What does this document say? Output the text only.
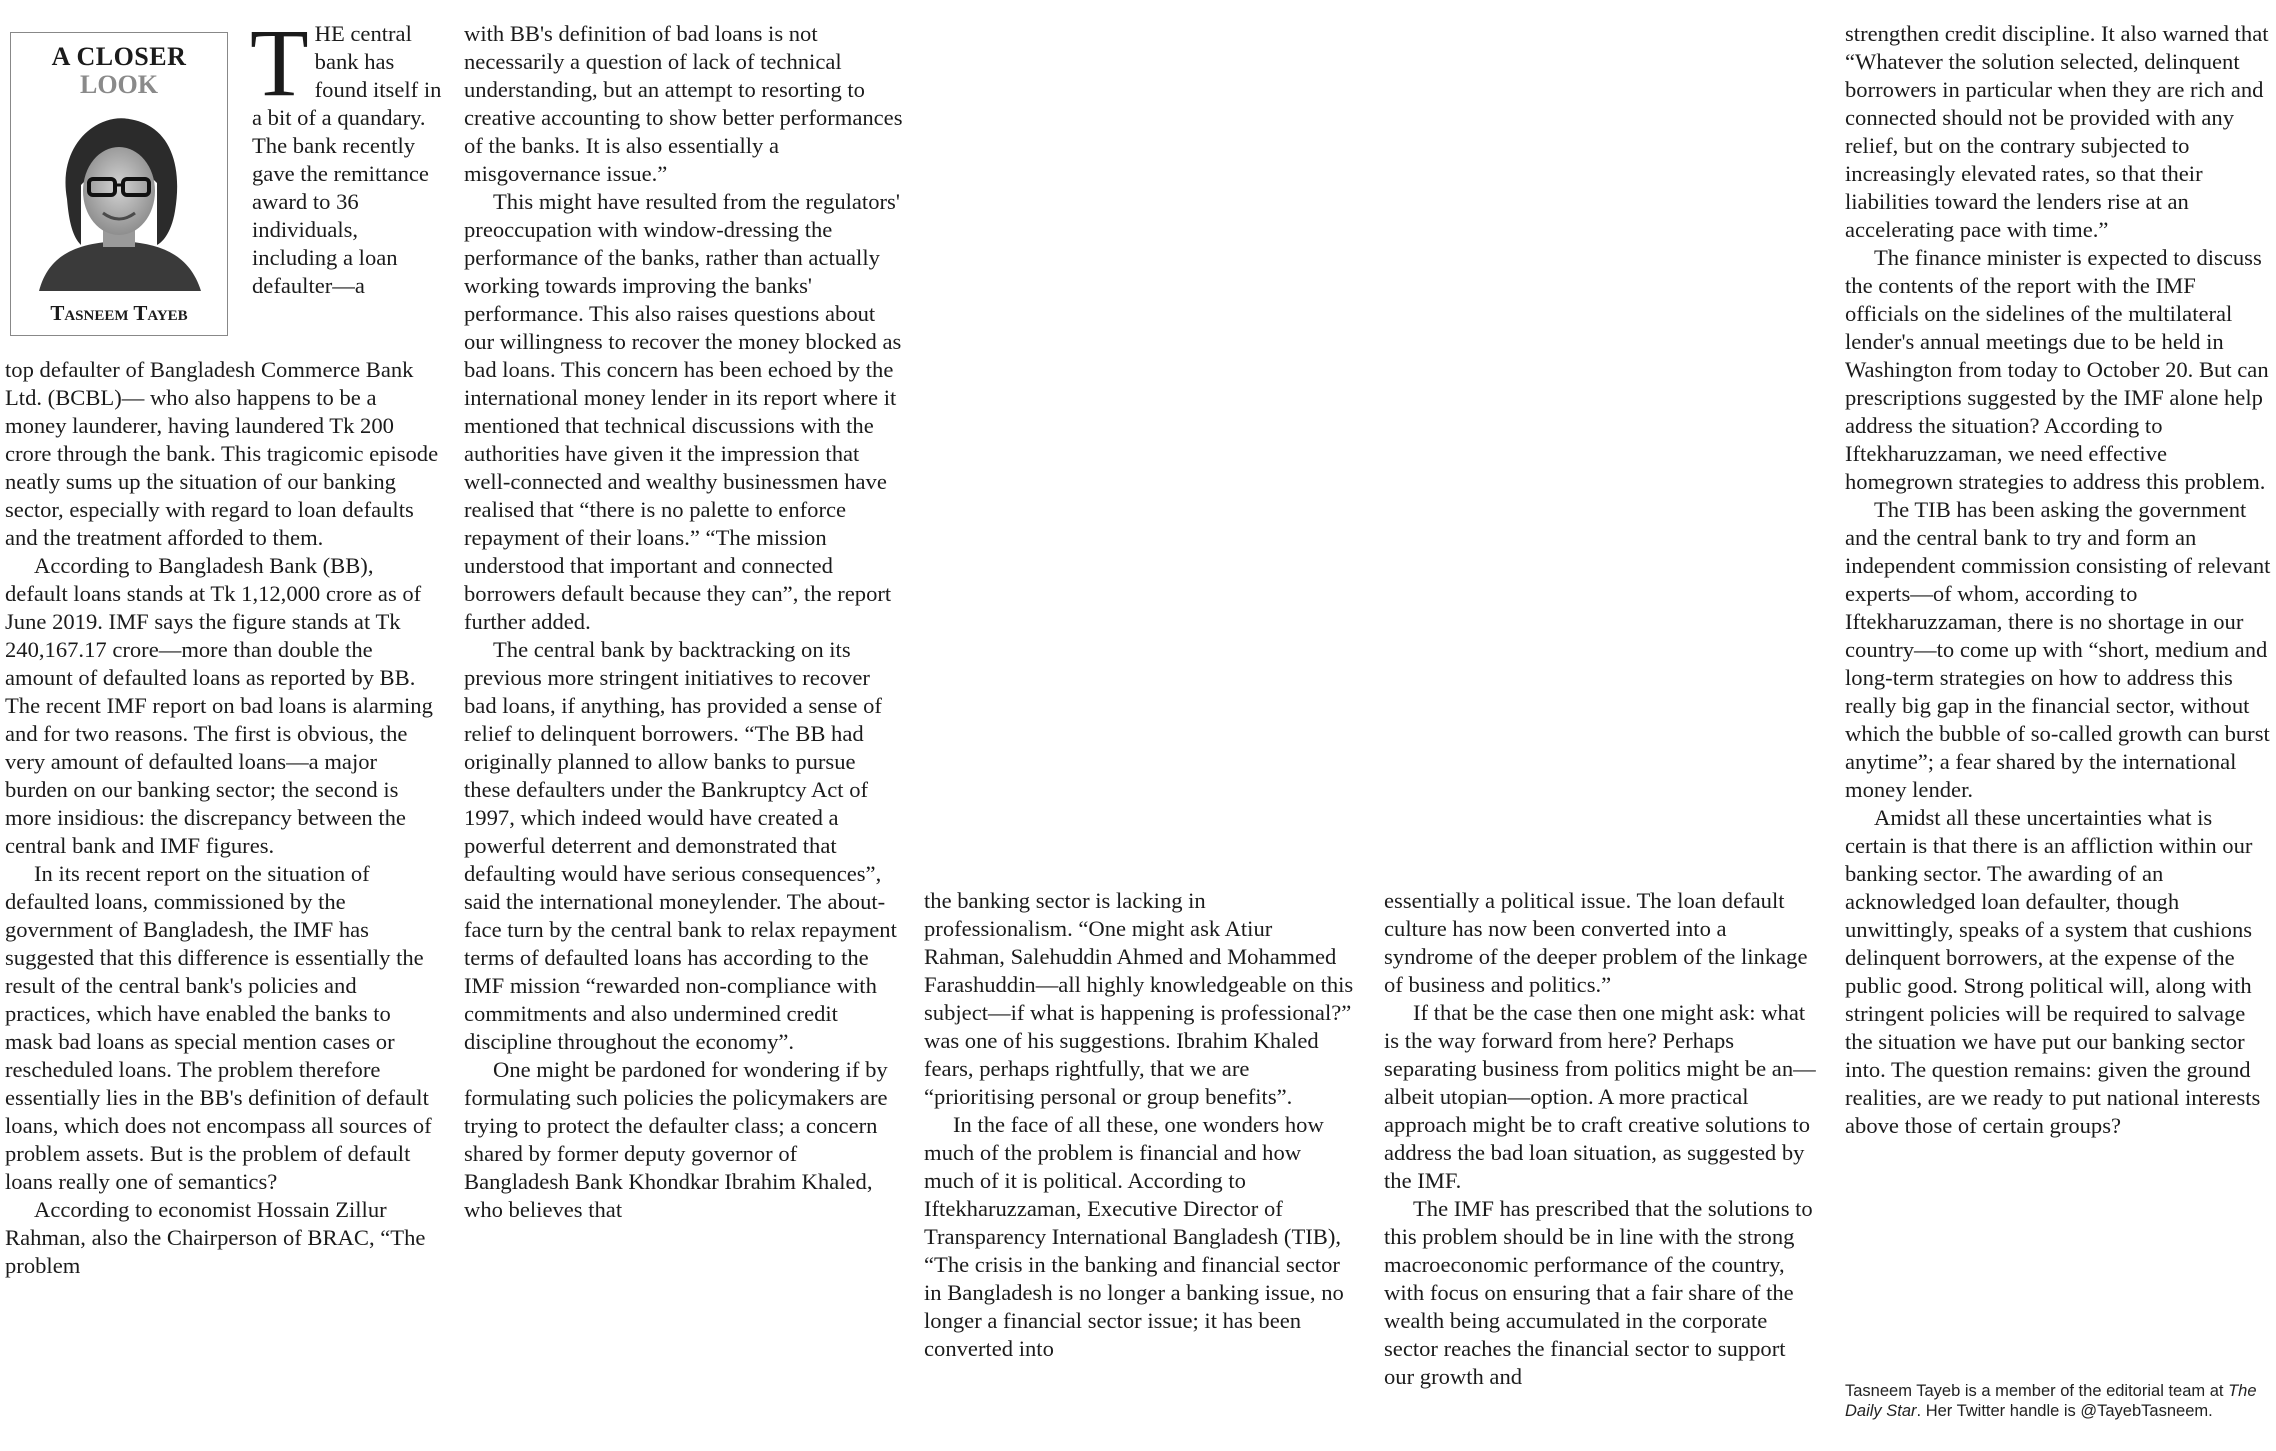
A CLOSER
LOOK
Tasneem Tayeb

THE central bank has found itself in a bit of a quandary. The bank recently gave the remittance award to 36 individuals, including a loan defaulter—a

top defaulter of Bangladesh Commerce Bank Ltd. (BCBL)— who also happens to be a money launderer, having laundered Tk 200 crore through the bank. This tragicomic episode neatly sums up the situation of our banking sector, especially with regard to loan defaults and the treatment afforded to them.

According to Bangladesh Bank (BB), default loans stands at Tk 1,12,000 crore as of June 2019. IMF says the figure stands at Tk 240,167.17 crore—more than double the amount of defaulted loans as reported by BB. The recent IMF report on bad loans is alarming and for two reasons. The first is obvious, the very amount of defaulted loans—a major burden on our banking sector; the second is more insidious: the discrepancy between the central bank and IMF figures.

In its recent report on the situation of defaulted loans, commissioned by the government of Bangladesh, the IMF has suggested that this difference is essentially the result of the central bank's policies and practices, which have enabled the banks to mask bad loans as special mention cases or rescheduled loans. The problem therefore essentially lies in the BB's definition of default loans, which does not encompass all sources of problem assets. But is the problem of default loans really one of semantics?

According to economist Hossain Zillur Rahman, also the Chairperson of BRAC, “The problem

with BB's definition of bad loans is not necessarily a question of lack of technical understanding, but an attempt to resorting to creative accounting to show better performances of the banks. It is also essentially a misgovernance issue.”

This might have resulted from the regulators' preoccupation with window-dressing the performance of the banks, rather than actually working towards improving the banks' performance. This also raises questions about our willingness to recover the money blocked as bad loans. This concern has been echoed by the international money lender in its report where it mentioned that technical discussions with the authorities have given it the impression that well-connected and wealthy businessmen have realised that “there is no palette to enforce repayment of their loans.” “The mission understood that important and connected borrowers default because they can”, the report further added.

The central bank by backtracking on its previous more stringent initiatives to recover bad loans, if anything, has provided a sense of relief to delinquent borrowers. “The BB had originally planned to allow banks to pursue these defaulters under the Bankruptcy Act of 1997, which indeed would have created a powerful deterrent and demonstrated that defaulting would have serious consequences”, said the international moneylender. The about-face turn by the central bank to relax repayment terms of defaulted loans has according to the IMF mission “rewarded non-compliance with commitments and also undermined credit discipline throughout the economy”.

One might be pardoned for wondering if by formulating such policies the policymakers are trying to protect the defaulter class; a concern shared by former deputy governor of Bangladesh Bank Khondkar Ibrahim Khaled, who believes that

the banking sector is lacking in professionalism. “One might ask Atiur Rahman, Salehuddin Ahmed and Mohammed Farashuddin—all highly knowledgeable on this subject—if what is happening is professional?” was one of his suggestions. Ibrahim Khaled fears, perhaps rightfully, that we are “prioritising personal or group benefits”.

In the face of all these, one wonders how much of the problem is financial and how much of it is political. According to Iftekharuzzaman, Executive Director of Transparency International Bangladesh (TIB), “The crisis in the banking and financial sector in Bangladesh is no longer a banking issue, no longer a financial sector issue; it has been converted into

essentially a political issue. The loan default culture has now been converted into a syndrome of the deeper problem of the linkage of business and politics.”

If that be the case then one might ask: what is the way forward from here? Perhaps separating business from politics might be an—albeit utopian—option. A more practical approach might be to craft creative solutions to address the bad loan situation, as suggested by the IMF.

The IMF has prescribed that the solutions to this problem should be in line with the strong macroeconomic performance of the country, with focus on ensuring that a fair share of the wealth being accumulated in the corporate sector reaches the financial sector to support our growth and

strengthen credit discipline. It also warned that “Whatever the solution selected, delinquent borrowers in particular when they are rich and connected should not be provided with any relief, but on the contrary subjected to increasingly elevated rates, so that their liabilities toward the lenders rise at an accelerating pace with time.”

The finance minister is expected to discuss the contents of the report with the IMF officials on the sidelines of the multilateral lender's annual meetings due to be held in Washington from today to October 20. But can prescriptions suggested by the IMF alone help address the situation? According to Iftekharuzzaman, we need effective homegrown strategies to address this problem.

The TIB has been asking the government and the central bank to try and form an independent commission consisting of relevant experts—of whom, according to Iftekharuzzaman, there is no shortage in our country—to come up with “short, medium and long-term strategies on how to address this really big gap in the financial sector, without which the bubble of so-called growth can burst anytime”; a fear shared by the international money lender.

Amidst all these uncertainties what is certain is that there is an affliction within our banking sector. The awarding of an acknowledged loan defaulter, though unwittingly, speaks of a system that cushions delinquent borrowers, at the expense of the public good. Strong political will, along with stringent policies will be required to salvage the situation we have put our banking sector into. The question remains: given the ground realities, are we ready to put national interests above those of certain groups?

Tasneem Tayeb is a member of the editorial team at The Daily Star. Her Twitter handle is @TayebTasneem.
